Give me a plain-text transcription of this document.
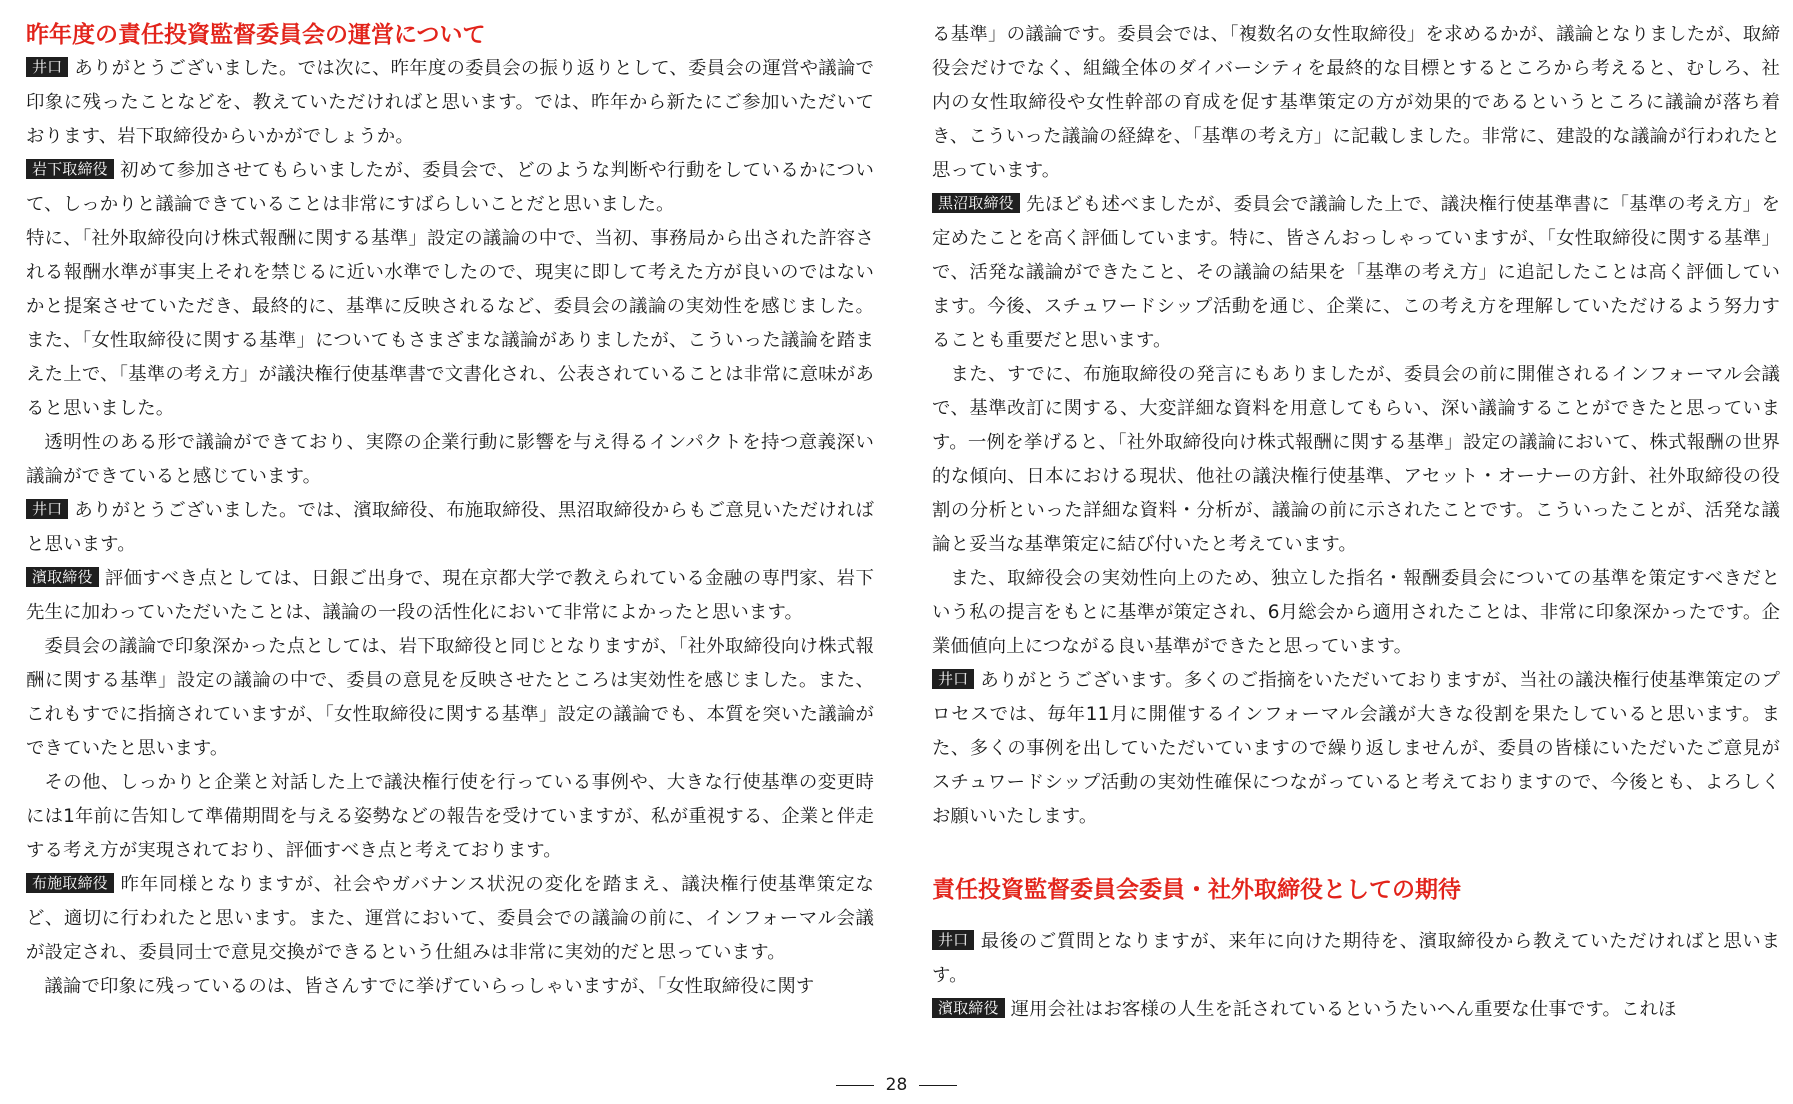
昨年度の責任投資監督委員会の運営について

井口 ありがとうございました。では次に、昨年度の委員会の振り返りとして、委員会の運営や議論で印象に残ったことなどを、教えていただければと思います。では、昨年から新たにご参加いただいております、岩下取締役からいかがでしょうか。

岩下取締役 初めて参加させてもらいましたが、委員会で、どのような判断や行動をしているかについて、しっかりと議論できていることは非常にすばらしいことだと思いました。

特に、「社外取締役向け株式報酬に関する基準」設定の議論の中で、当初、事務局から出された許容される報酬水準が事実上それを禁じるに近い水準でしたので、現実に即して考えた方が良いのではないかと提案させていただき、最終的に、基準に反映されるなど、委員会の議論の実効性を感じました。また、「女性取締役に関する基準」についてもさまざまな議論がありましたが、こういった議論を踏まえた上で、「基準の考え方」が議決権行使基準書で文書化され、公表されていることは非常に意味があると思いました。

透明性のある形で議論ができており、実際の企業行動に影響を与え得るインパクトを持つ意義深い議論ができていると感じています。

井口 ありがとうございました。では、濱取締役、布施取締役、黒沼取締役からもご意見いただければと思います。

濱取締役 評価すべき点としては、日銀ご出身で、現在京都大学で教えられている金融の専門家、岩下先生に加わっていただいたことは、議論の一段の活性化において非常によかったと思います。

委員会の議論で印象深かった点としては、岩下取締役と同じとなりますが、「社外取締役向け株式報酬に関する基準」設定の議論の中で、委員の意見を反映させたところは実効性を感じました。また、これもすでに指摘されていますが、「女性取締役に関する基準」設定の議論でも、本質を突いた議論ができていたと思います。

その他、しっかりと企業と対話した上で議決権行使を行っている事例や、大きな行使基準の変更時には1年前に告知して準備期間を与える姿勢などの報告を受けていますが、私が重視する、企業と伴走する考え方が実現されており、評価すべき点と考えております。

布施取締役 昨年同様となりますが、社会やガバナンス状況の変化を踏まえ、議決権行使基準策定など、適切に行われたと思います。また、運営において、委員会での議論の前に、インフォーマル会議が設定され、委員同士で意見交換ができるという仕組みは非常に実効的だと思っています。

議論で印象に残っているのは、皆さんすでに挙げていらっしゃいますが、「女性取締役に関す

る基準」の議論です。委員会では、「複数名の女性取締役」を求めるかが、議論となりましたが、取締役会だけでなく、組織全体のダイバーシティを最終的な目標とするところから考えると、むしろ、社内の女性取締役や女性幹部の育成を促す基準策定の方が効果的であるというところに議論が落ち着き、こういった議論の経緯を、「基準の考え方」に記載しました。非常に、建設的な議論が行われたと思っています。

黒沼取締役 先ほども述べましたが、委員会で議論した上で、議決権行使基準書に「基準の考え方」を定めたことを高く評価しています。特に、皆さんおっしゃっていますが、「女性取締役に関する基準」で、活発な議論ができたこと、その議論の結果を「基準の考え方」に追記したことは高く評価しています。今後、スチュワードシップ活動を通じ、企業に、この考え方を理解していただけるよう努力することも重要だと思います。

また、すでに、布施取締役の発言にもありましたが、委員会の前に開催されるインフォーマル会議で、基準改訂に関する、大変詳細な資料を用意してもらい、深い議論することができたと思っています。一例を挙げると、「社外取締役向け株式報酬に関する基準」設定の議論において、株式報酬の世界的な傾向、日本における現状、他社の議決権行使基準、アセット・オーナーの方針、社外取締役の役割の分析といった詳細な資料・分析が、議論の前に示されたことです。こういったことが、活発な議論と妥当な基準策定に結び付いたと考えています。

また、取締役会の実効性向上のため、独立した指名・報酬委員会についての基準を策定すべきだという私の提言をもとに基準が策定され、6月総会から適用されたことは、非常に印象深かったです。企業価値向上につながる良い基準ができたと思っています。

井口 ありがとうございます。多くのご指摘をいただいておりますが、当社の議決権行使基準策定のプロセスでは、毎年11月に開催するインフォーマル会議が大きな役割を果たしていると思います。また、多くの事例を出していただいていますので繰り返しませんが、委員の皆様にいただいたご意見がスチュワードシップ活動の実効性確保につながっていると考えておりますので、今後とも、よろしくお願いいたします。

責任投資監督委員会委員・社外取締役としての期待

井口 最後のご質問となりますが、来年に向けた期待を、濱取締役から教えていただければと思います。

濱取締役 運用会社はお客様の人生を託されているというたいへん重要な仕事です。これほ

28
